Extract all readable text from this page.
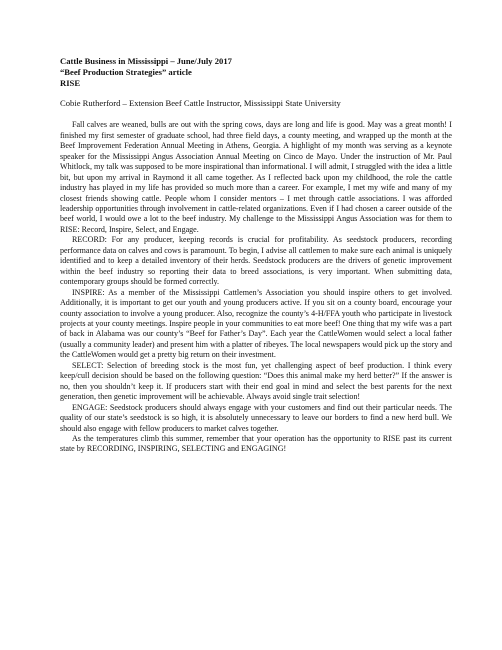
Cattle Business in Mississippi – June/July 2017

“Beef Production Strategies” article

RISE

Cobie Rutherford – Extension Beef Cattle Instructor, Mississippi State University

Fall calves are weaned, bulls are out with the spring cows, days are long and life is good. May was a great month! I finished my first semester of graduate school, had three field days, a county meeting, and wrapped up the month at the Beef Improvement Federation Annual Meeting in Athens, Georgia. A highlight of my month was serving as a keynote speaker for the Mississippi Angus Association Annual Meeting on Cinco de Mayo. Under the instruction of Mr. Paul Whitlock, my talk was supposed to be more inspirational than informational. I will admit, I struggled with the idea a little bit, but upon my arrival in Raymond it all came together. As I reflected back upon my childhood, the role the cattle industry has played in my life has provided so much more than a career. For example, I met my wife and many of my closest friends showing cattle. People whom I consider mentors – I met through cattle associations. I was afforded leadership opportunities through involvement in cattle-related organizations. Even if I had chosen a career outside of the beef world, I would owe a lot to the beef industry. My challenge to the Mississippi Angus Association was for them to RISE: Record, Inspire, Select, and Engage.

RECORD: For any producer, keeping records is crucial for profitability. As seedstock producers, recording performance data on calves and cows is paramount. To begin, I advise all cattlemen to make sure each animal is uniquely identified and to keep a detailed inventory of their herds. Seedstock producers are the drivers of genetic improvement within the beef industry so reporting their data to breed associations, is very important. When submitting data, contemporary groups should be formed correctly.

INSPIRE: As a member of the Mississippi Cattlemen’s Association you should inspire others to get involved. Additionally, it is important to get our youth and young producers active. If you sit on a county board, encourage your county association to involve a young producer. Also, recognize the county’s 4-H/FFA youth who participate in livestock projects at your county meetings. Inspire people in your communities to eat more beef! One thing that my wife was a part of back in Alabama was our county’s “Beef for Father’s Day”. Each year the CattleWomen would select a local father (usually a community leader) and present him with a platter of ribeyes. The local newspapers would pick up the story and the CattleWomen would get a pretty big return on their investment.

SELECT: Selection of breeding stock is the most fun, yet challenging aspect of beef production. I think every keep/cull decision should be based on the following question: “Does this animal make my herd better?” If the answer is no, then you shouldn’t keep it. If producers start with their end goal in mind and select the best parents for the next generation, then genetic improvement will be achievable. Always avoid single trait selection!

ENGAGE: Seedstock producers should always engage with your customers and find out their particular needs. The quality of our state’s seedstock is so high, it is absolutely unnecessary to leave our borders to find a new herd bull. We should also engage with fellow producers to market calves together.

As the temperatures climb this summer, remember that your operation has the opportunity to RISE past its current state by RECORDING, INSPIRING, SELECTING and ENGAGING!
